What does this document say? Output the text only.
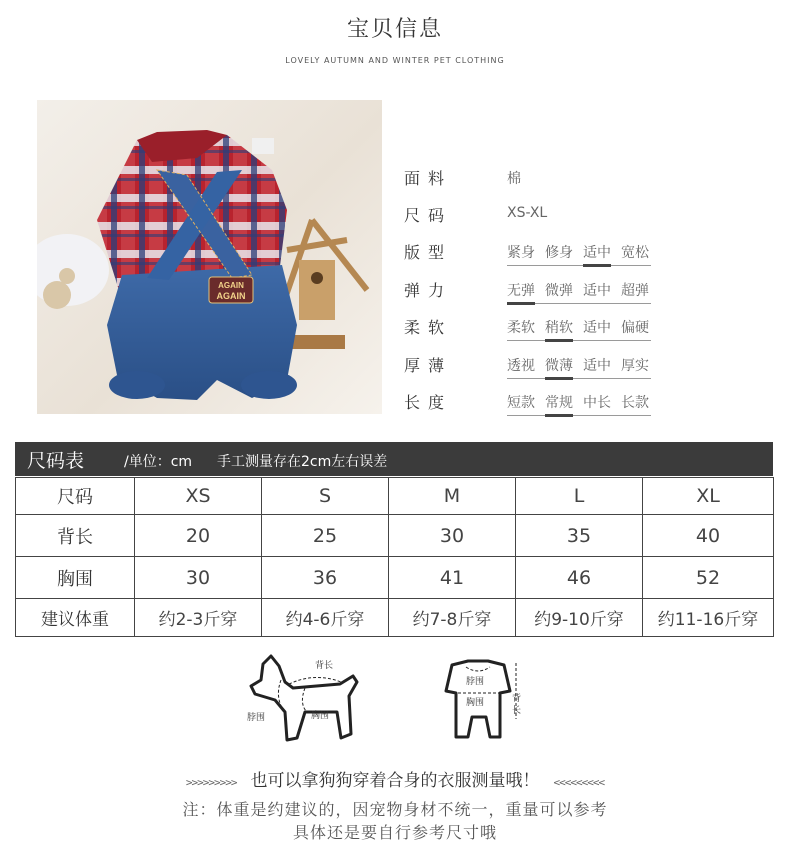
宝贝信息
LOVELY AUTUMN AND WINTER PET CLOTHING
AGAIN
AGAIN
面料	棉
尺码	XS-XL
版型	紧身 修身 适中 宽松
弹力	无弹 微弹 适中 超弹
柔软	柔软 稍软 适中 偏硬
厚薄	透视 微薄 适中 厚实
长度	短款 常规 中长 长款
尺码表	/单位：cm 手工测量存在2cm左右误差
尺码	XS	S	M	L	XL
背长	20	25	30	35	40
胸围	30	36	41	46	52
建议体重	约2-3斤穿	约4-6斤穿	约7-8斤穿	约9-10斤穿	约11-16斤穿
背长
脖围	胸围
脖围
胸围	背
长
>>>>>>>>> 也可以拿狗狗穿着合身的衣服测量哦！ <<<<<<<<<
注：体重是约建议的，因宠物身材不统一，重量可以参考
具体还是要自行参考尺寸哦
